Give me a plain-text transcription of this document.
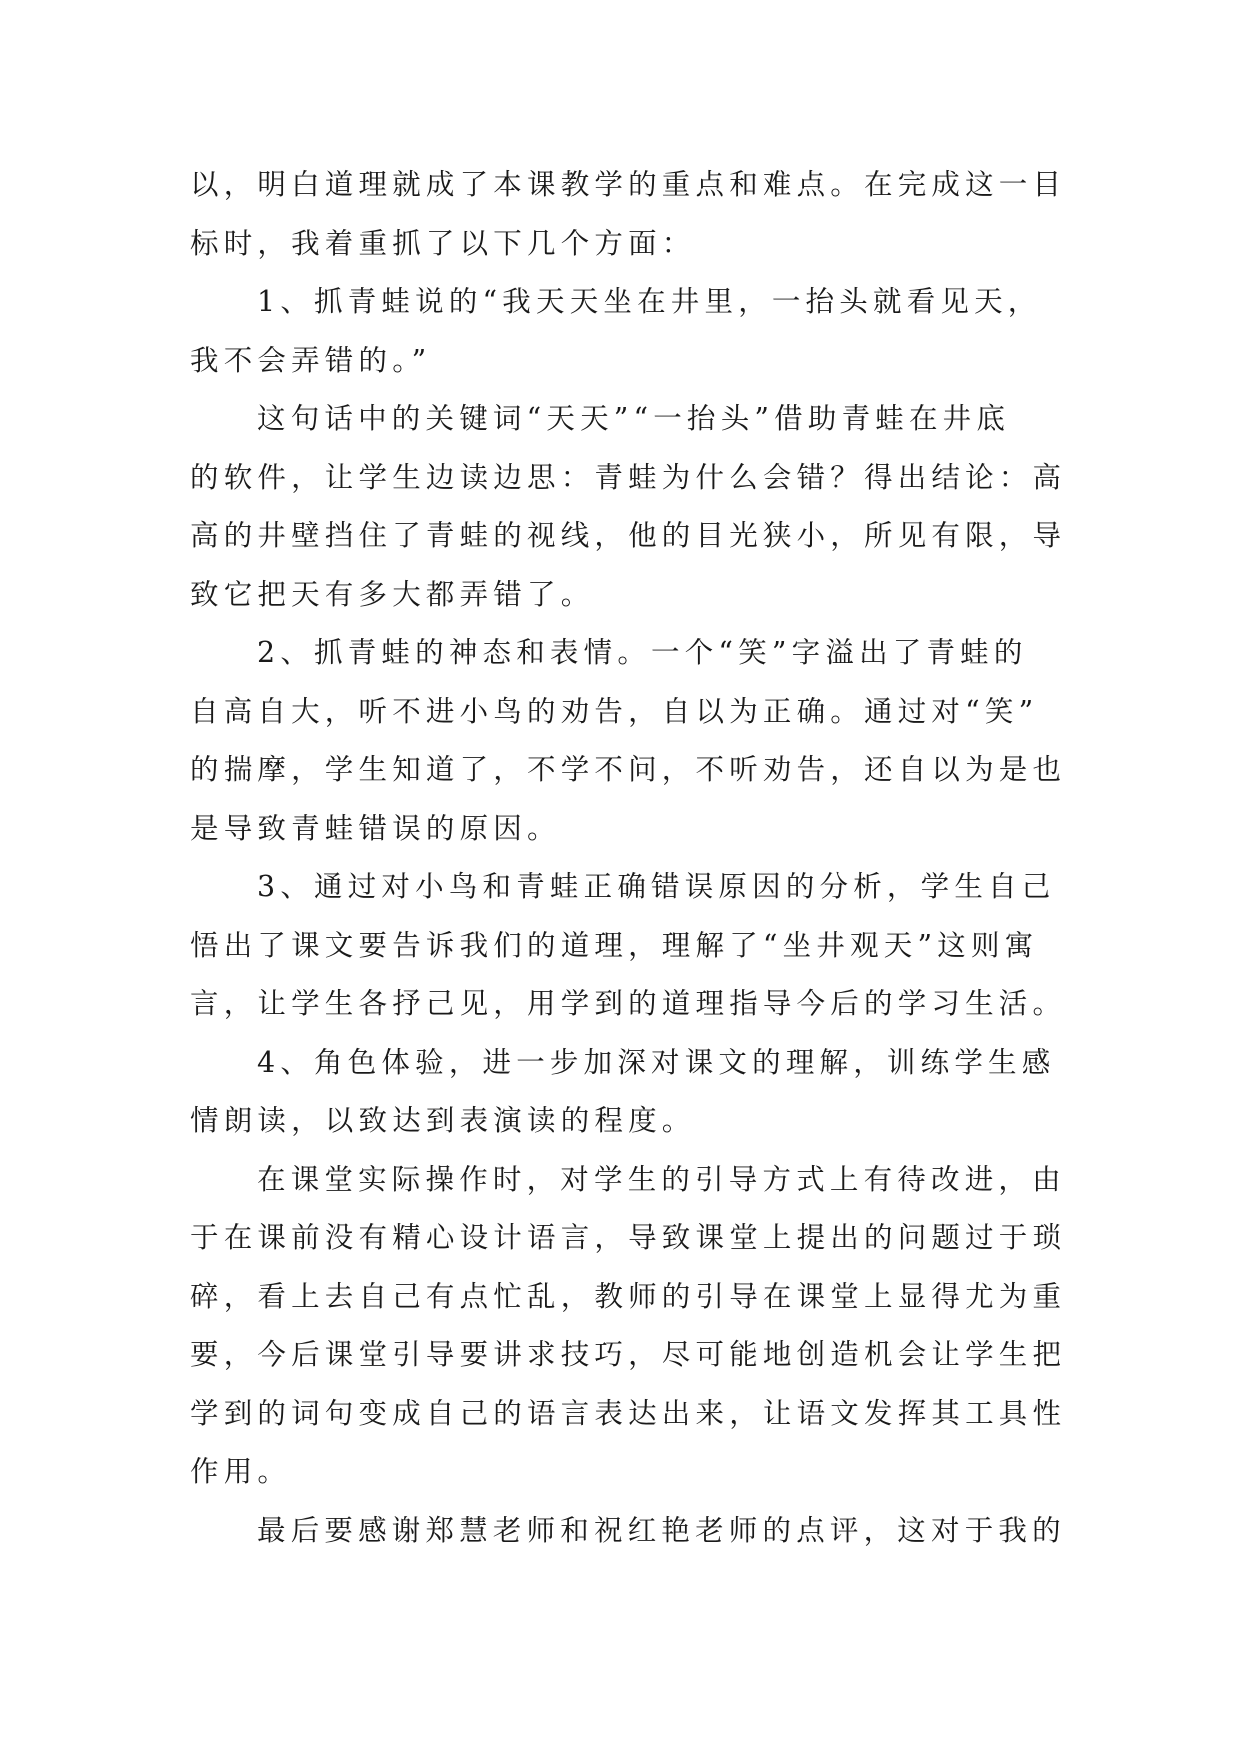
以，明白道理就成了本课教学的重点和难点。在完成这一目
标时，我着重抓了以下几个方面：
1、抓青蛙说的“我天天坐在井里，一抬头就看见天，
我不会弄错的。”
这句话中的关键词“天天”“一抬头”借助青蛙在井底
的软件，让学生边读边思：青蛙为什么会错？得出结论：高
高的井壁挡住了青蛙的视线，他的目光狭小，所见有限，导
致它把天有多大都弄错了。
2、抓青蛙的神态和表情。一个“笑”字溢出了青蛙的
自高自大，听不进小鸟的劝告，自以为正确。通过对“笑”
的揣摩，学生知道了，不学不问，不听劝告，还自以为是也
是导致青蛙错误的原因。
3、通过对小鸟和青蛙正确错误原因的分析，学生自己
悟出了课文要告诉我们的道理，理解了“坐井观天”这则寓
言，让学生各抒己见，用学到的道理指导今后的学习生活。
4、角色体验，进一步加深对课文的理解，训练学生感
情朗读，以致达到表演读的程度。
在课堂实际操作时，对学生的引导方式上有待改进，由
于在课前没有精心设计语言，导致课堂上提出的问题过于琐
碎，看上去自己有点忙乱，教师的引导在课堂上显得尤为重
要，今后课堂引导要讲求技巧，尽可能地创造机会让学生把
学到的词句变成自己的语言表达出来，让语文发挥其工具性
作用。
最后要感谢郑慧老师和祝红艳老师的点评，这对于我的
